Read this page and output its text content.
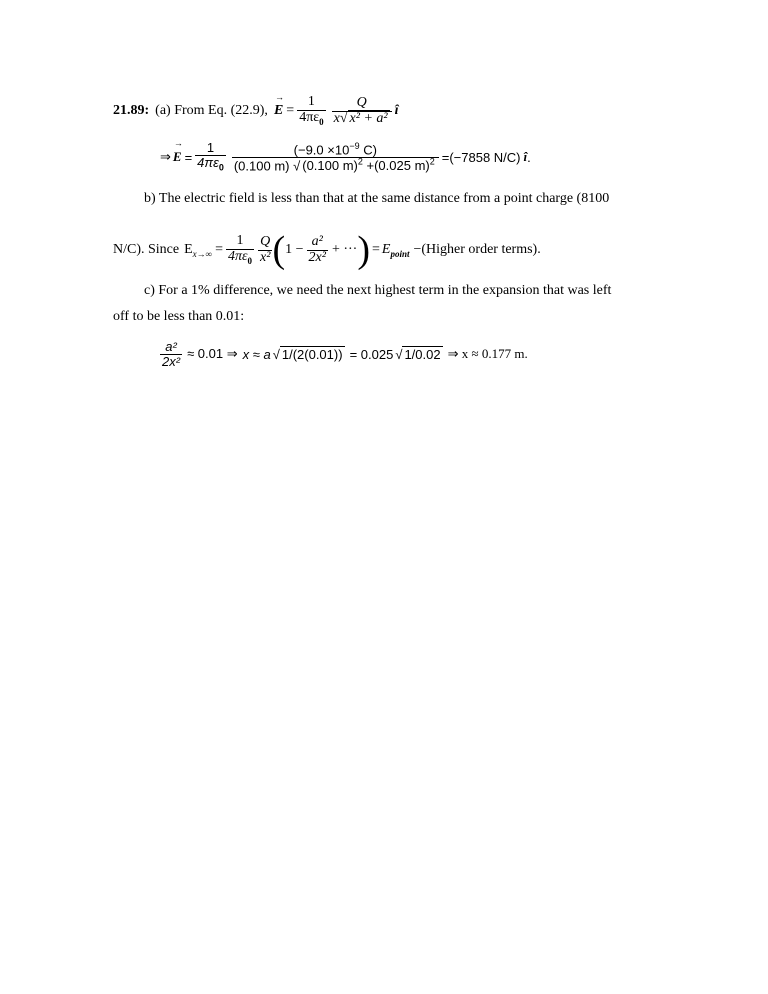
21.89: (a) From Eq. (22.9), → $E = \frac{1}{4\pi\varepsilon_0} \frac{Q}{\text{x√ x² + a²}}$ î
⇒ → $E = \frac{1}{4\pi\varepsilon_0} \frac{(-9.0 \times 10^{-9} C)}{(0.100 m) √ (0.100 m)^2 +(0.025 m)^2} =(-7858$ N/C) î .
b) The electric field is less than that at the same distance from a point charge (8100
N/C). Since $E_{x\to\infty} = \frac{1}{4\pi\varepsilon_0} \frac{Q}{\text{x²}}$ ( $1 - \frac{\text{a²}}{\text{2x²}}$ + ··· ) = $E_{point}$ −(Higher order terms).
c) For a 1% difference, we need the next highest term in the expansion that was left
off to be less than 0.01:
$\frac{\text{a²}}{\text{2x²}} \approx 0.01$ ⇒ x ≈ a √ 1/(2(0.01)) = 0.025 √ 1/0.02 ⇒ x ≈ 0.177 m.
